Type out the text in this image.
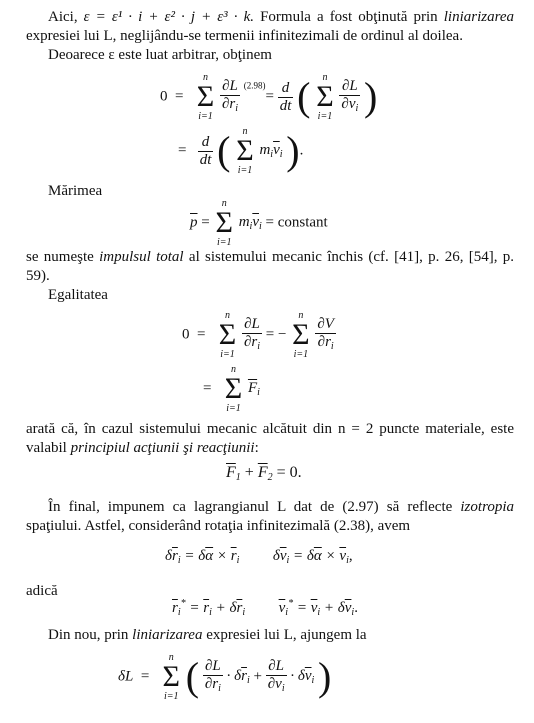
Aici, ε = ε¹ · i + ε² · j + ε³ · k. Formula a fost obţinută prin liniarizarea expresiei lui L, neglijându-se termenii infinitezimali de ordinul al doilea.
Deoarece ε este luat arbitrar, obţinem
0  =
n
Σ
i=1
$\frac{\partial L}{\partial\overline{r}_i} ^{(2.98)}= \frac{d}{dt}$ (	n
Σ
i=1
$\frac{\partial L}{\partial\overline{v}_i}$ )
= $\frac{d}{dt}$ (	n
Σ
i=1
$m_i\overline{v}_i$ ).
Mărimea
$\overline{p}$ =
n
Σ
i=1
$m_i\overline{v}_i$ = constant
se numeşte impulsul total al sistemului mecanic închis (cf. [41], p. 26, [54], p. 59).
Egalitatea
0  =
n
Σ
i=1
$\frac{\partial L}{\partial\overline{r}_i}$ = −
n
Σ
i=1
$\frac{\partial V}{\partial\overline{r}_i}$
=
n
Σ
i=1
$\overline{F}_i$
arată că, în cazul sistemului mecanic alcătuit din n = 2 puncte materiale, este valabil principiul acţiunii şi reacţiunii:
$\overline{F}_1 + \overline{F}_2 = 0$.
În final, impunem ca lagrangianul L dat de (2.97) să reflecte izotropia spaţiului. Astfel, considerând rotaţia infinitezimală (2.38), avem
$\delta\overline{r}_i = \delta\overline{\alpha} \times \overline{r}_i$ $\delta\overline{v}_i = \delta\overline{\alpha} \times \overline{v}_i$,
adică
$\overline{r}_i^* = \overline{r}_i + \delta\overline{r}_i$ $\overline{v}_i^* = \overline{v}_i + \delta\overline{v}_i$.
Din nou, prin liniarizarea expresiei lui L, ajungem la
δL  =
n
Σ
i=1 ( $\frac{\partial L}{\partial\overline{r}_i} \cdot \delta\overline{r}_i + \frac{\partial L}{\partial\overline{v}_i} \cdot \delta\overline{v}_i$ )
